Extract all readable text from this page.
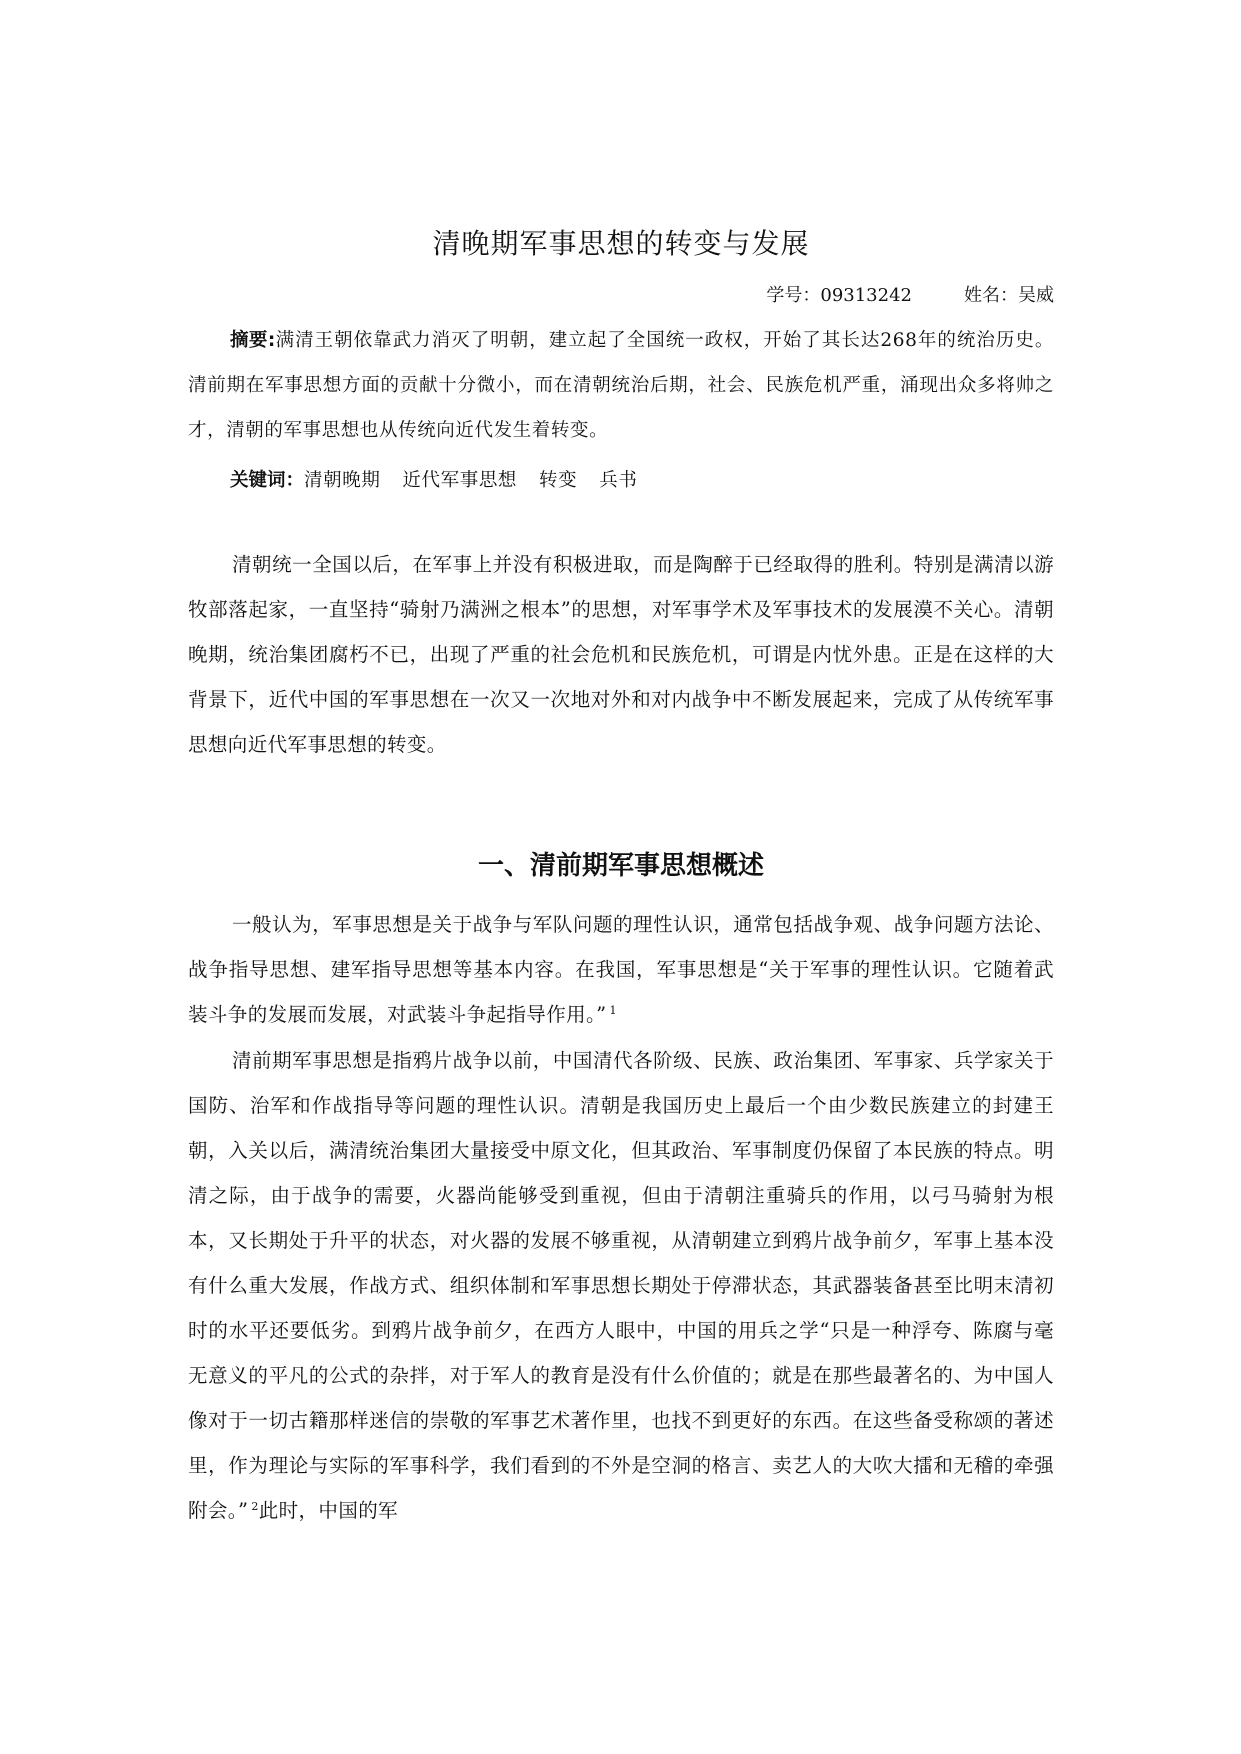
清晚期军事思想的转变与发展
学号：09313242	姓名：吴威

摘要:满清王朝依靠武力消灭了明朝，建立起了全国统一政权，开始了其长达268年的统治历史。清前期在军事思想方面的贡献十分微小，而在清朝统治后期，社会、民族危机严重，涌现出众多将帅之才，清朝的军事思想也从传统向近代发生着转变。

关键词：清朝晚期 近代军事思想 转变 兵书

清朝统一全国以后，在军事上并没有积极进取，而是陶醉于已经取得的胜利。特别是满清以游牧部落起家，一直坚持“骑射乃满洲之根本”的思想，对军事学术及军事技术的发展漠不关心。清朝晚期，统治集团腐朽不已，出现了严重的社会危机和民族危机，可谓是内忧外患。正是在这样的大背景下，近代中国的军事思想在一次又一次地对外和对内战争中不断发展起来，完成了从传统军事思想向近代军事思想的转变。

一、清前期军事思想概述

一般认为，军事思想是关于战争与军队问题的理性认识，通常包括战争观、战争问题方法论、战争指导思想、建军指导思想等基本内容。在我国，军事思想是“关于军事的理性认识。它随着武装斗争的发展而发展，对武装斗争起指导作用。” $^1$

清前期军事思想是指鸦片战争以前，中国清代各阶级、民族、政治集团、军事家、兵学家关于国防、治军和作战指导等问题的理性认识。清朝是我国历史上最后一个由少数民族建立的封建王朝，入关以后，满清统治集团大量接受中原文化，但其政治、军事制度仍保留了本民族的特点。明清之际，由于战争的需要，火器尚能够受到重视，但由于清朝注重骑兵的作用，以弓马骑射为根本，又长期处于升平的状态，对火器的发展不够重视，从清朝建立到鸦片战争前夕，军事上基本没有什么重大发展，作战方式、组织体制和军事思想长期处于停滞状态，其武器装备甚至比明末清初时的水平还要低劣。到鸦片战争前夕，在西方人眼中，中国的用兵之学“只是一种浮夸、陈腐与毫无意义的平凡的公式的杂拌，对于军人的教育是没有什么价值的；就是在那些最著名的、为中国人像对于一切古籍那样迷信的崇敬的军事艺术著作里，也找不到更好的东西。在这些备受称颂的著述里，作为理论与实际的军事科学，我们看到的不外是空洞的格言、卖艺人的大吹大擂和无稽的牵强附会。” $^2$此时，中国的军
